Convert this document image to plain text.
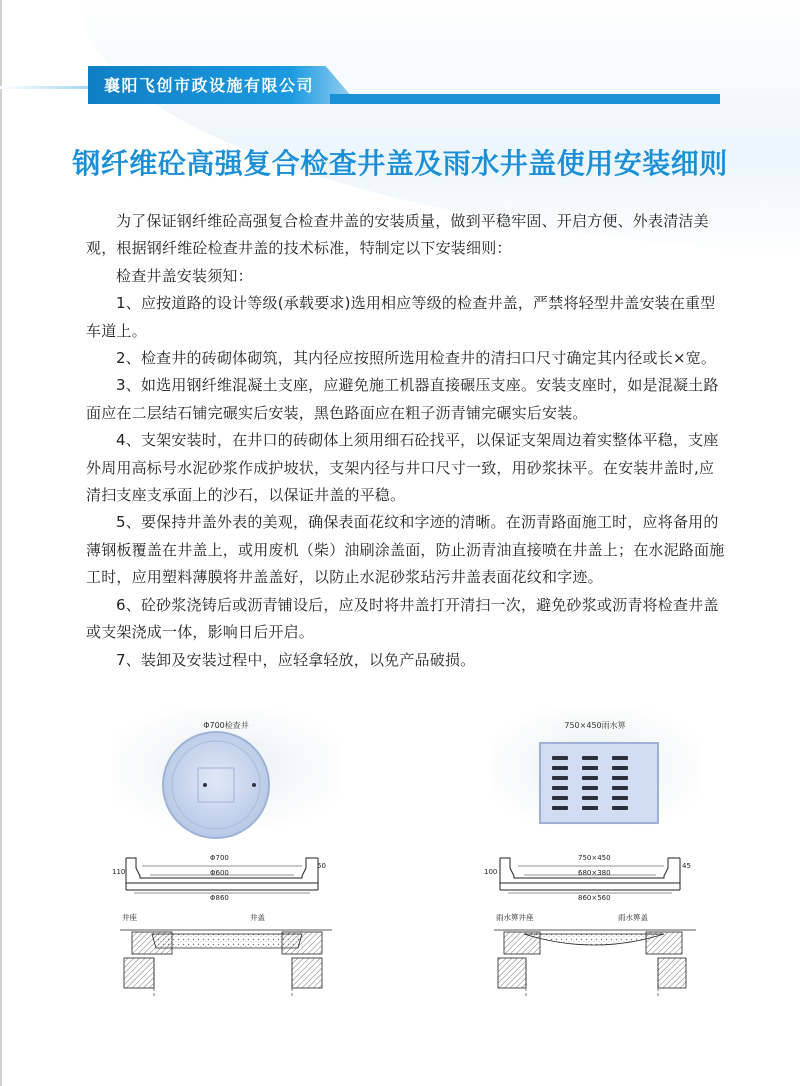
襄阳飞创市政设施有限公司

钢纤维砼高强复合检查井盖及雨水井盖使用安装细则

为了保证钢纤维砼高强复合检查井盖的安装质量，做到平稳牢固、开启方便、外表清洁美观，根据钢纤维砼检查井盖的技术标准，特制定以下安装细则：

检查井盖安装须知：

1、应按道路的设计等级(承载要求)选用相应等级的检查井盖，严禁将轻型井盖安装在重型车道上。

2、检查井的砖砌体砌筑，其内径应按照所选用检查井的清扫口尺寸确定其内径或长×宽。

3、如选用钢纤维混凝土支座，应避免施工机器直接碾压支座。安装支座时，如是混凝土路面应在二层结石铺完碾实后安装，黑色路面应在粗子沥青铺完碾实后安装。

4、支架安装时，在井口的砖砌体上须用细石砼找平，以保证支架周边着实整体平稳，支座外周用高标号水泥砂浆作成护坡状，支架内径与井口尺寸一致，用砂浆抹平。在安装井盖时,应清扫支座支承面上的沙石，以保证井盖的平稳。

5、要保持井盖外表的美观，确保表面花纹和字迹的清晰。在沥青路面施工时，应将备用的薄钢板覆盖在井盖上，或用废机（柴）油刷涂盖面，防止沥青油直接喷在井盖上；在水泥路面施工时，应用塑料薄膜将井盖盖好，以防止水泥砂浆玷污井盖表面花纹和字迹。

6、砼砂浆浇铸后或沥青铺设后，应及时将井盖打开清扫一次，避免砂浆或沥青将检查井盖或支架浇成一体，影响日后开启。

7、装卸及安装过程中，应轻拿轻放，以免产品破损。

Φ700检查井
Φ700
Φ600
Φ860
110
50
井座	井盖
750×450雨水箅
750×450
680×380
860×560
100
45
雨水箅井座	雨水箅盖
